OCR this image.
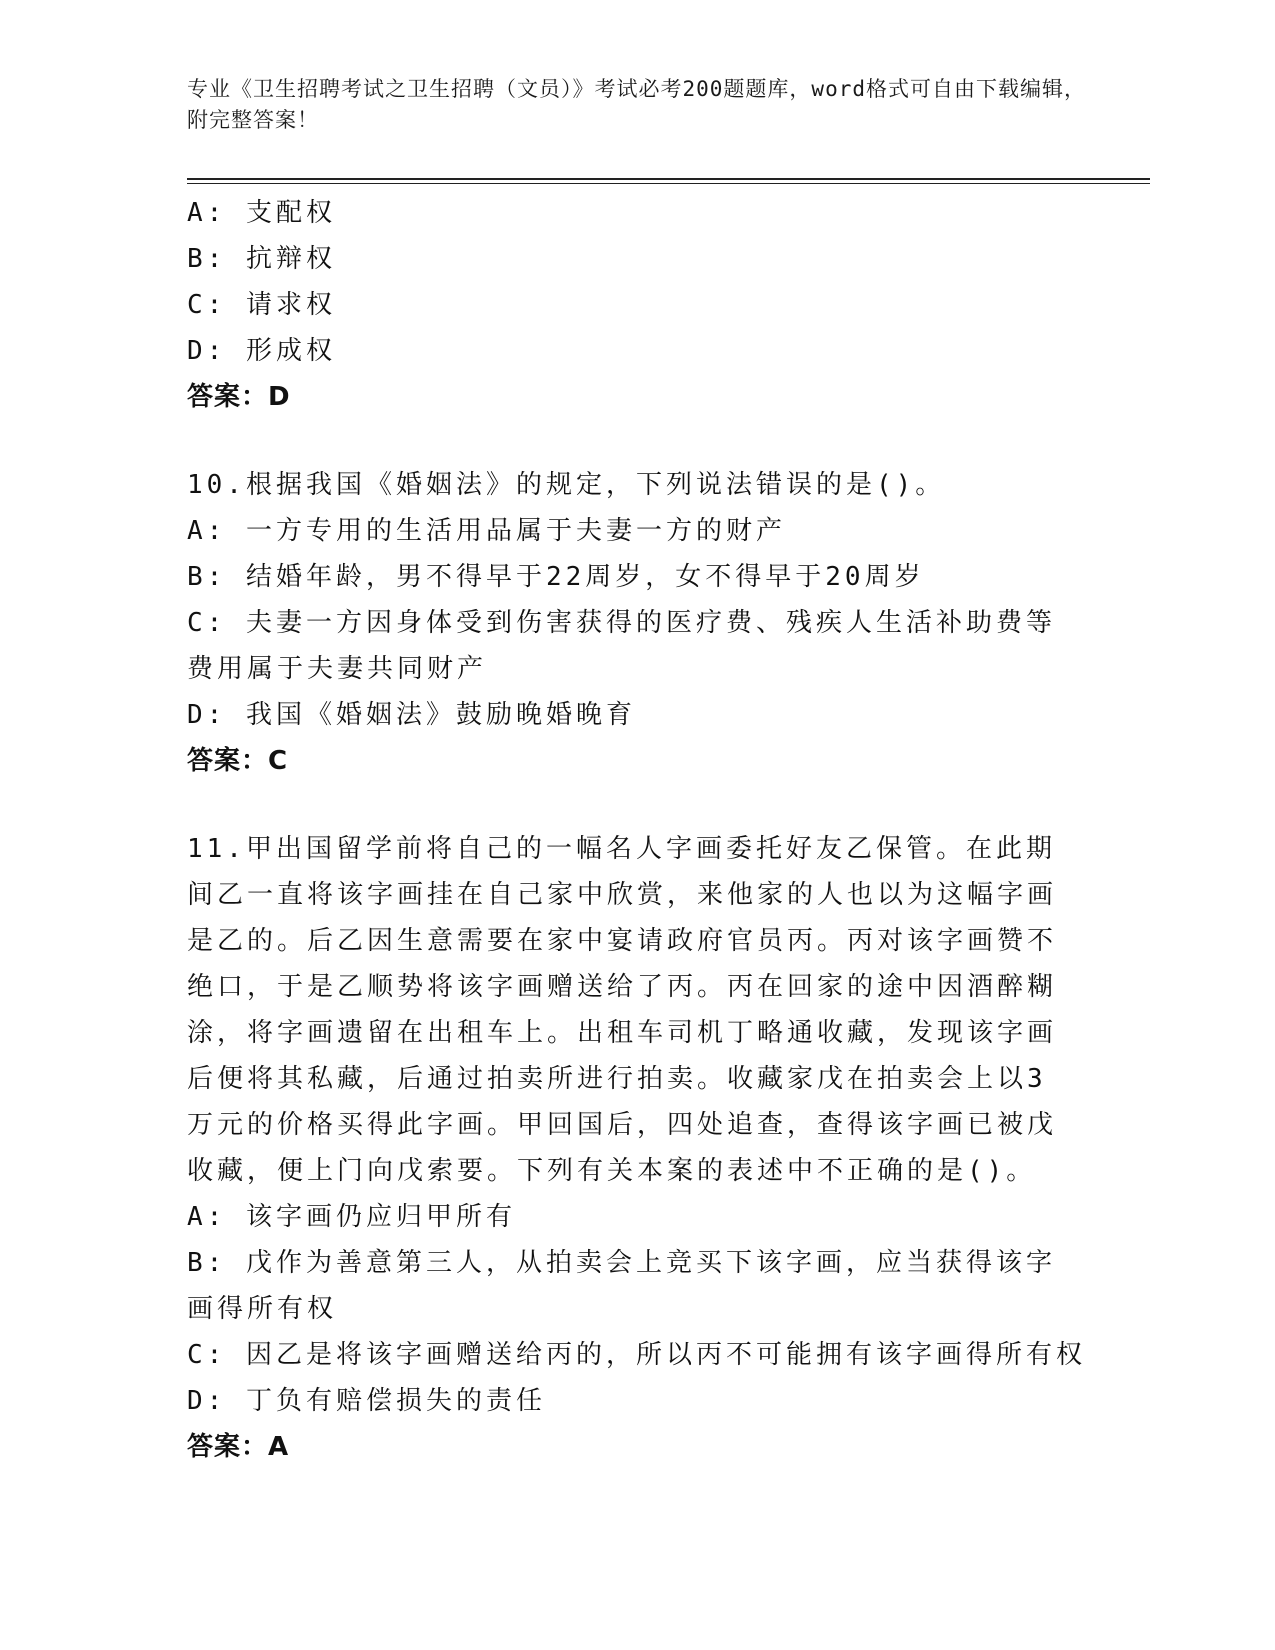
专业《卫生招聘考试之卫生招聘（文员）》考试必考200题题库，word格式可自由下载编辑，附完整答案！

A: 支配权

B: 抗辩权

C: 请求权

D: 形成权

答案：D

10.根据我国《婚姻法》的规定，下列说法错误的是()。

A: 一方专用的生活用品属于夫妻一方的财产

B: 结婚年龄，男不得早于22周岁，女不得早于20周岁

C: 夫妻一方因身体受到伤害获得的医疗费、残疾人生活补助费等费用属于夫妻共同财产

D: 我国《婚姻法》鼓励晚婚晚育

答案：C

11.甲出国留学前将自己的一幅名人字画委托好友乙保管。在此期间乙一直将该字画挂在自己家中欣赏，来他家的人也以为这幅字画是乙的。后乙因生意需要在家中宴请政府官员丙。丙对该字画赞不绝口，于是乙顺势将该字画赠送给了丙。丙在回家的途中因酒醉糊涂，将字画遗留在出租车上。出租车司机丁略通收藏，发现该字画后便将其私藏，后通过拍卖所进行拍卖。收藏家戊在拍卖会上以3万元的价格买得此字画。甲回国后，四处追查，查得该字画已被戊收藏，便上门向戊索要。下列有关本案的表述中不正确的是()。

A: 该字画仍应归甲所有

B: 戊作为善意第三人，从拍卖会上竞买下该字画，应当获得该字画得所有权

C: 因乙是将该字画赠送给丙的，所以丙不可能拥有该字画得所有权

D: 丁负有赔偿损失的责任

答案：A
